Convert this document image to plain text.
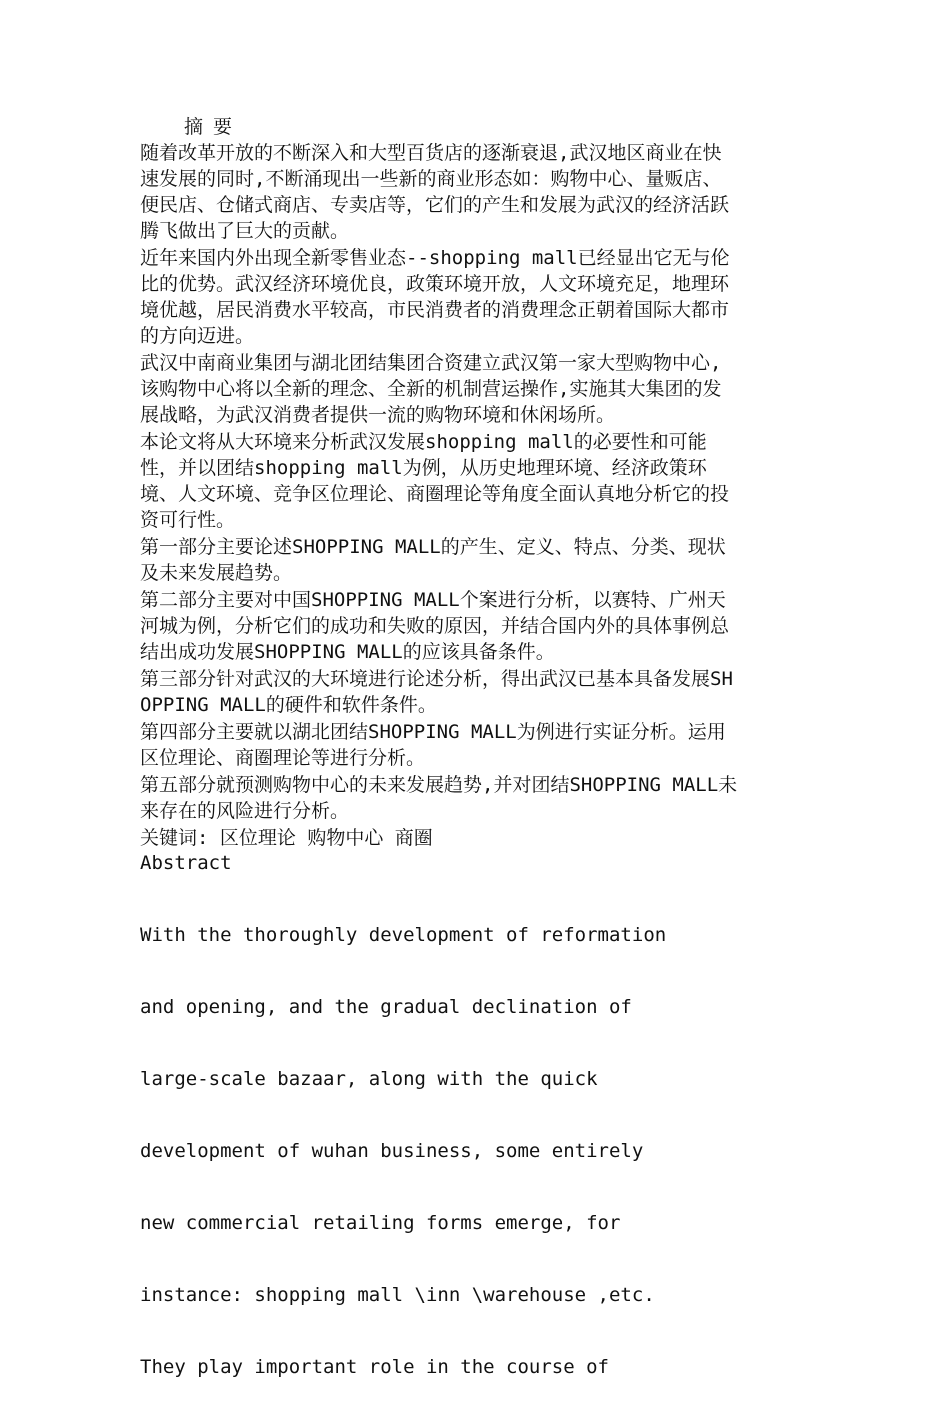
摘 要
随着改革开放的不断深入和大型百货店的逐渐衰退,武汉地区商业在快速发展的同时,不断涌现出一些新的商业形态如：购物中心、量贩店、便民店、仓储式商店、专卖店等，它们的产生和发展为武汉的经济活跃腾飞做出了巨大的贡献。
近年来国内外出现全新零售业态--shopping mall已经显出它无与伦比的优势。武汉经济环境优良，政策环境开放，人文环境充足，地理环境优越，居民消费水平较高，市民消费者的消费理念正朝着国际大都市的方向迈进。
武汉中南商业集团与湖北团结集团合资建立武汉第一家大型购物中心,该购物中心将以全新的理念、全新的机制营运操作,实施其大集团的发展战略，为武汉消费者提供一流的购物环境和休闲场所。
本论文将从大环境来分析武汉发展shopping mall的必要性和可能性，并以团结shopping mall为例，从历史地理环境、经济政策环境、人文环境、竞争区位理论、商圈理论等角度全面认真地分析它的投资可行性。
第一部分主要论述SHOPPING MALL的产生、定义、特点、分类、现状及未来发展趋势。
第二部分主要对中国SHOPPING MALL个案进行分析，以赛特、广州天河城为例，分析它们的成功和失败的原因，并结合国内外的具体事例总结出成功发展SHOPPING MALL的应该具备条件。
第三部分针对武汉的大环境进行论述分析，得出武汉已基本具备发展SHOPPING MALL的硬件和软件条件。
第四部分主要就以湖北团结SHOPPING MALL为例进行实证分析。运用区位理论、商圈理论等进行分析。
第五部分就预测购物中心的未来发展趋势,并对团结SHOPPING MALL未来存在的风险进行分析。
关键词: 区位理论 购物中心 商圈
Abstract

With the thoroughly development of reformation

and opening, and the gradual declination of

large-scale bazaar, along with the quick

development of wuhan business, some entirely

new commercial retailing forms emerge, for

instance: shopping mall \inn \warehouse ,etc.

They play important role in the course of
